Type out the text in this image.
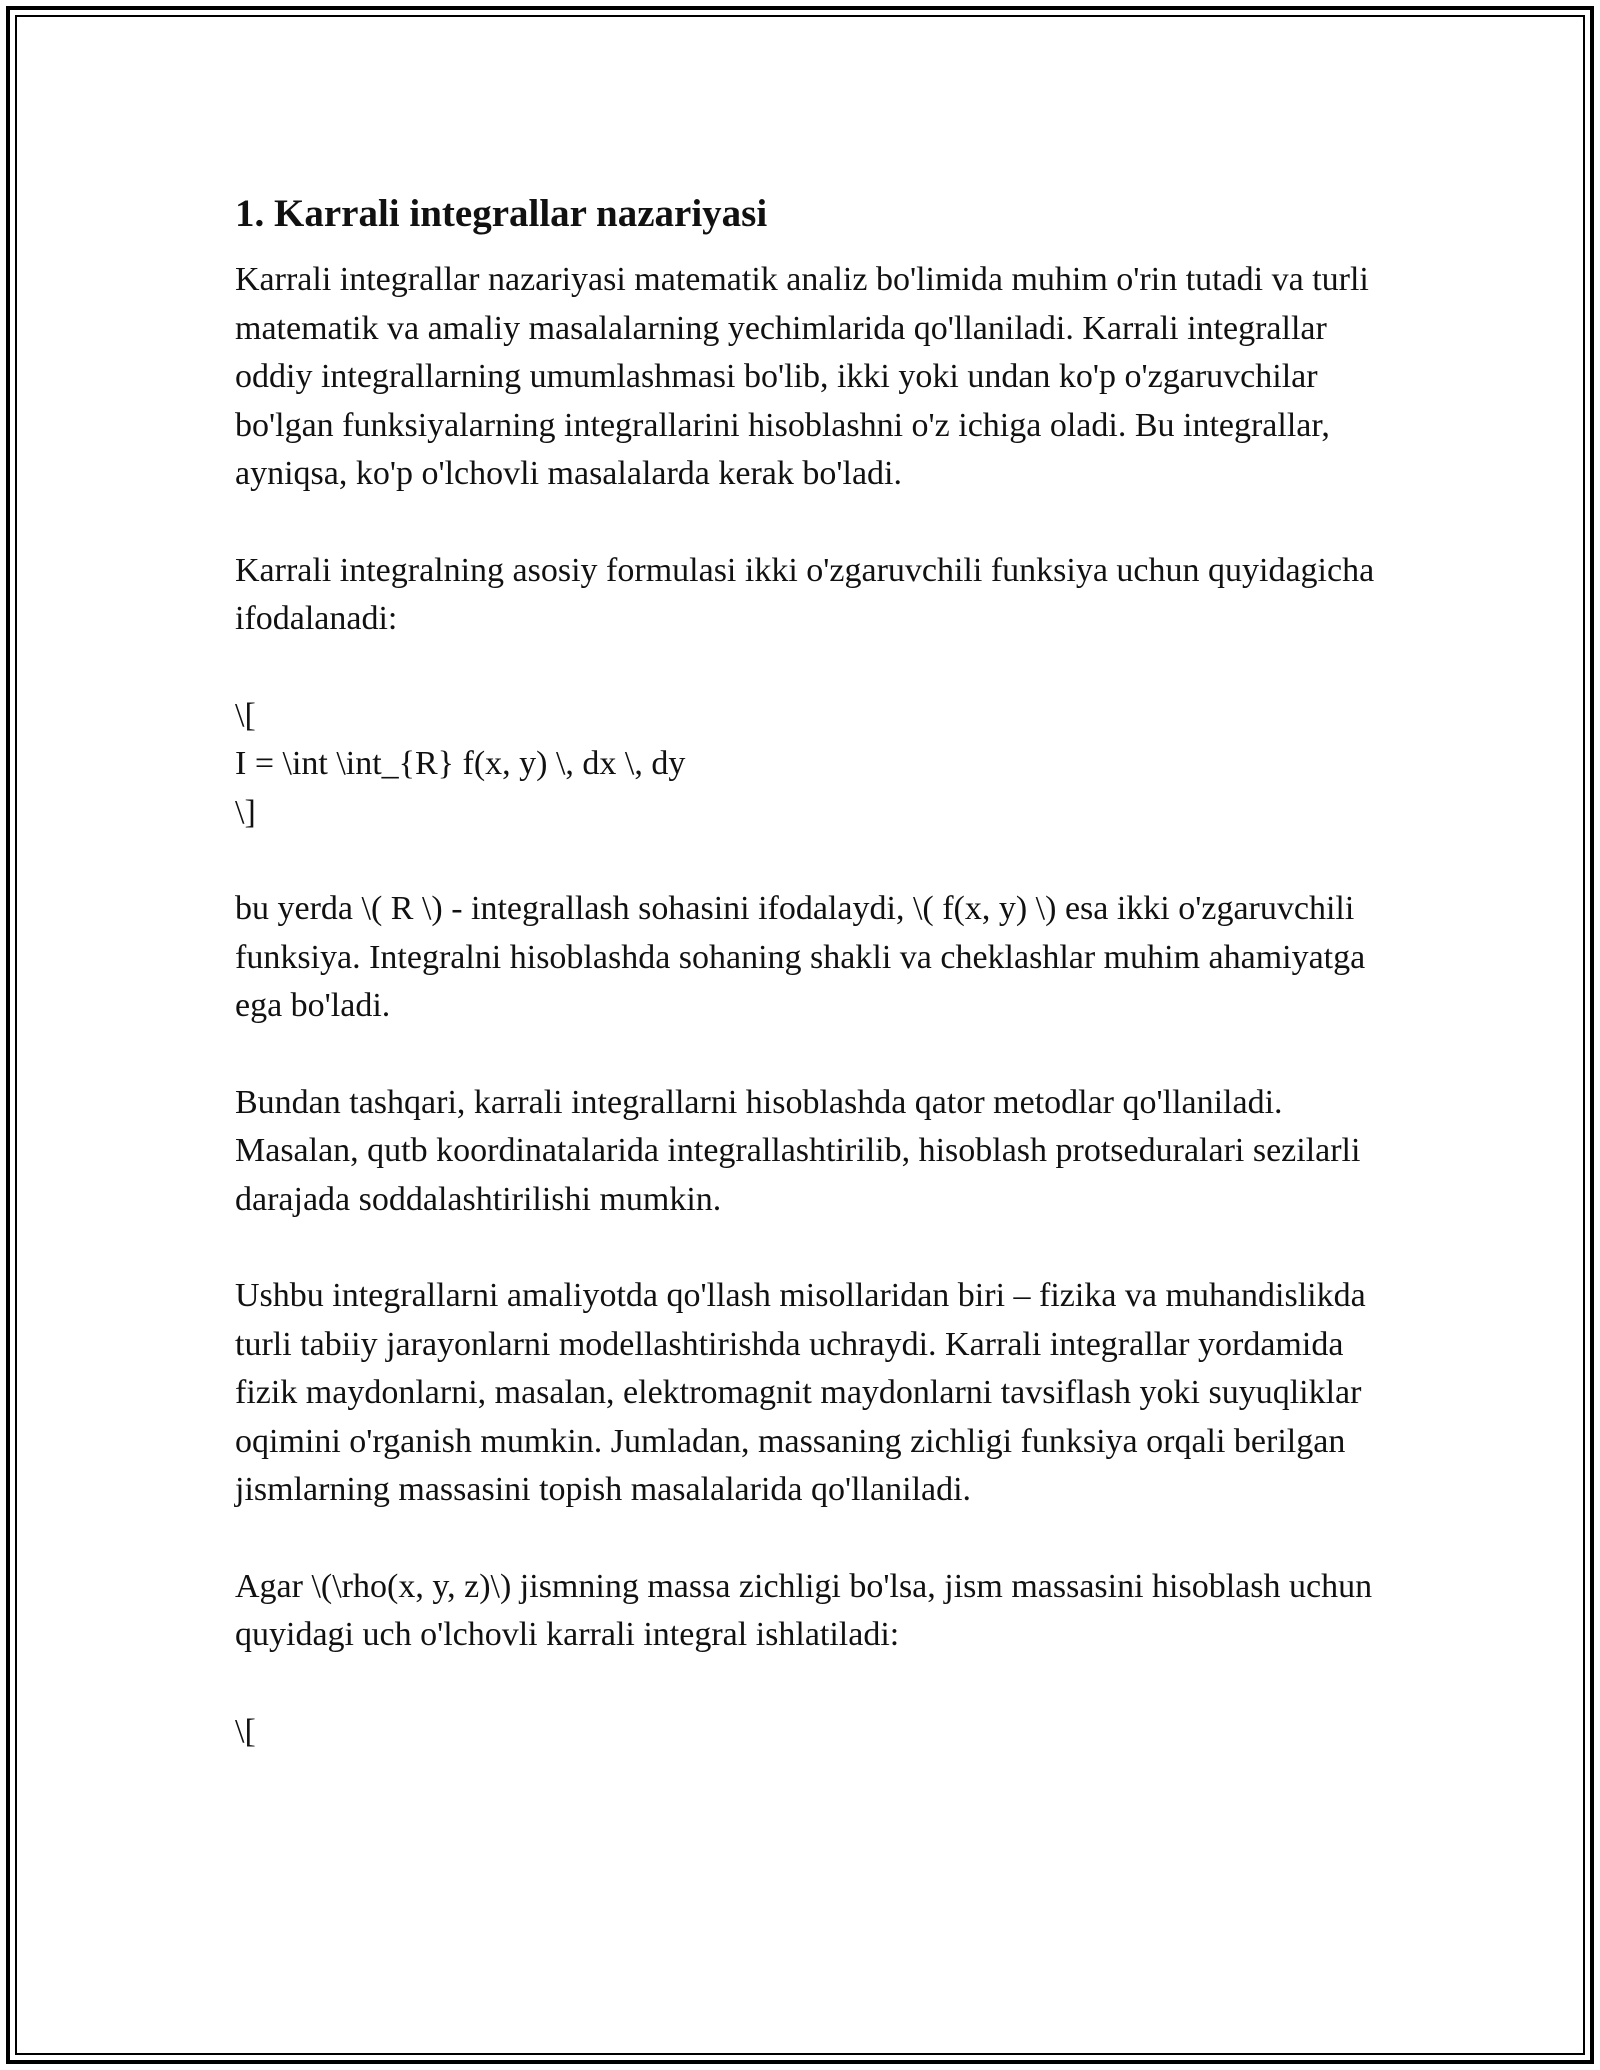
1. Karrali integrallar nazariyasi

Karrali integrallar nazariyasi matematik analiz bo'limida muhim o'rin tutadi va turli matematik va amaliy masalalarning yechimlarida qo'llaniladi. Karrali integrallar oddiy integrallarning umumlashmasi bo'lib, ikki yoki undan ko'p o'zgaruvchilar bo'lgan funksiyalarning integrallarini hisoblashni o'z ichiga oladi. Bu integrallar, ayniqsa, ko'p o'lchovli masalalarda kerak bo'ladi.

Karrali integralning asosiy formulasi ikki o'zgaruvchili funksiya uchun quyidagicha ifodalanadi:

\[
I = \int \int_{R} f(x, y) \, dx \, dy
\]

bu yerda \( R \) - integrallash sohasini ifodalaydi, \( f(x, y) \) esa ikki o'zgaruvchili funksiya. Integralni hisoblashda sohaning shakli va cheklashlar muhim ahamiyatga ega bo'ladi.

Bundan tashqari, karrali integrallarni hisoblashda qator metodlar qo'llaniladi. Masalan, qutb koordinatalarida integrallashtirilib, hisoblash protseduralari sezilarli darajada soddalashtirilishi mumkin.

Ushbu integrallarni amaliyotda qo'llash misollaridan biri – fizika va muhandislikda turli tabiiy jarayonlarni modellashtirishda uchraydi. Karrali integrallar yordamida fizik maydonlarni, masalan, elektromagnit maydonlarni tavsiflash yoki suyuqliklar oqimini o'rganish mumkin. Jumladan, massaning zichligi funksiya orqali berilgan jismlarning massasini topish masalalarida qo'llaniladi.

Agar \(\rho(x, y, z)\) jismning massa zichligi bo'lsa, jism massasini hisoblash uchun quyidagi uch o'lchovli karrali integral ishlatiladi:

\[
